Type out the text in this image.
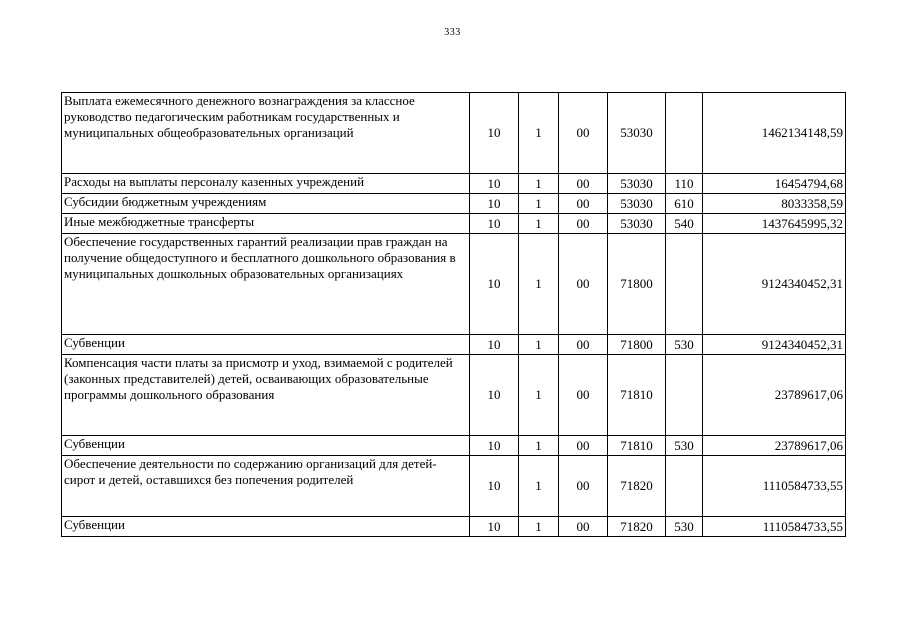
333
Выплата ежемесячного денежного вознаграждения за классное руководство педагогическим работникам государственных и муниципальных общеобразовательных организаций	10	1	00	53030		1462134148,59
Расходы на выплаты персоналу казенных учреждений	10	1	00	53030	110	16454794,68
Субсидии бюджетным учреждениям	10	1	00	53030	610	8033358,59
Иные межбюджетные трансферты	10	1	00	53030	540	1437645995,32
Обеспечение государственных гарантий реализации прав граждан на получение общедоступного и бесплатного дошкольного образования в муниципальных дошкольных образовательных организациях	10	1	00	71800		9124340452,31
Субвенции	10	1	00	71800	530	9124340452,31
Компенсация части платы за присмотр и уход, взимаемой с родителей (законных представителей) детей, осваивающих образовательные программы дошкольного образования	10	1	00	71810		23789617,06
Субвенции	10	1	00	71810	530	23789617,06
Обеспечение деятельности по содержанию организаций для детей-сирот и детей, оставшихся без попечения родителей	10	1	00	71820		1110584733,55
Субвенции	10	1	00	71820	530	1110584733,55
